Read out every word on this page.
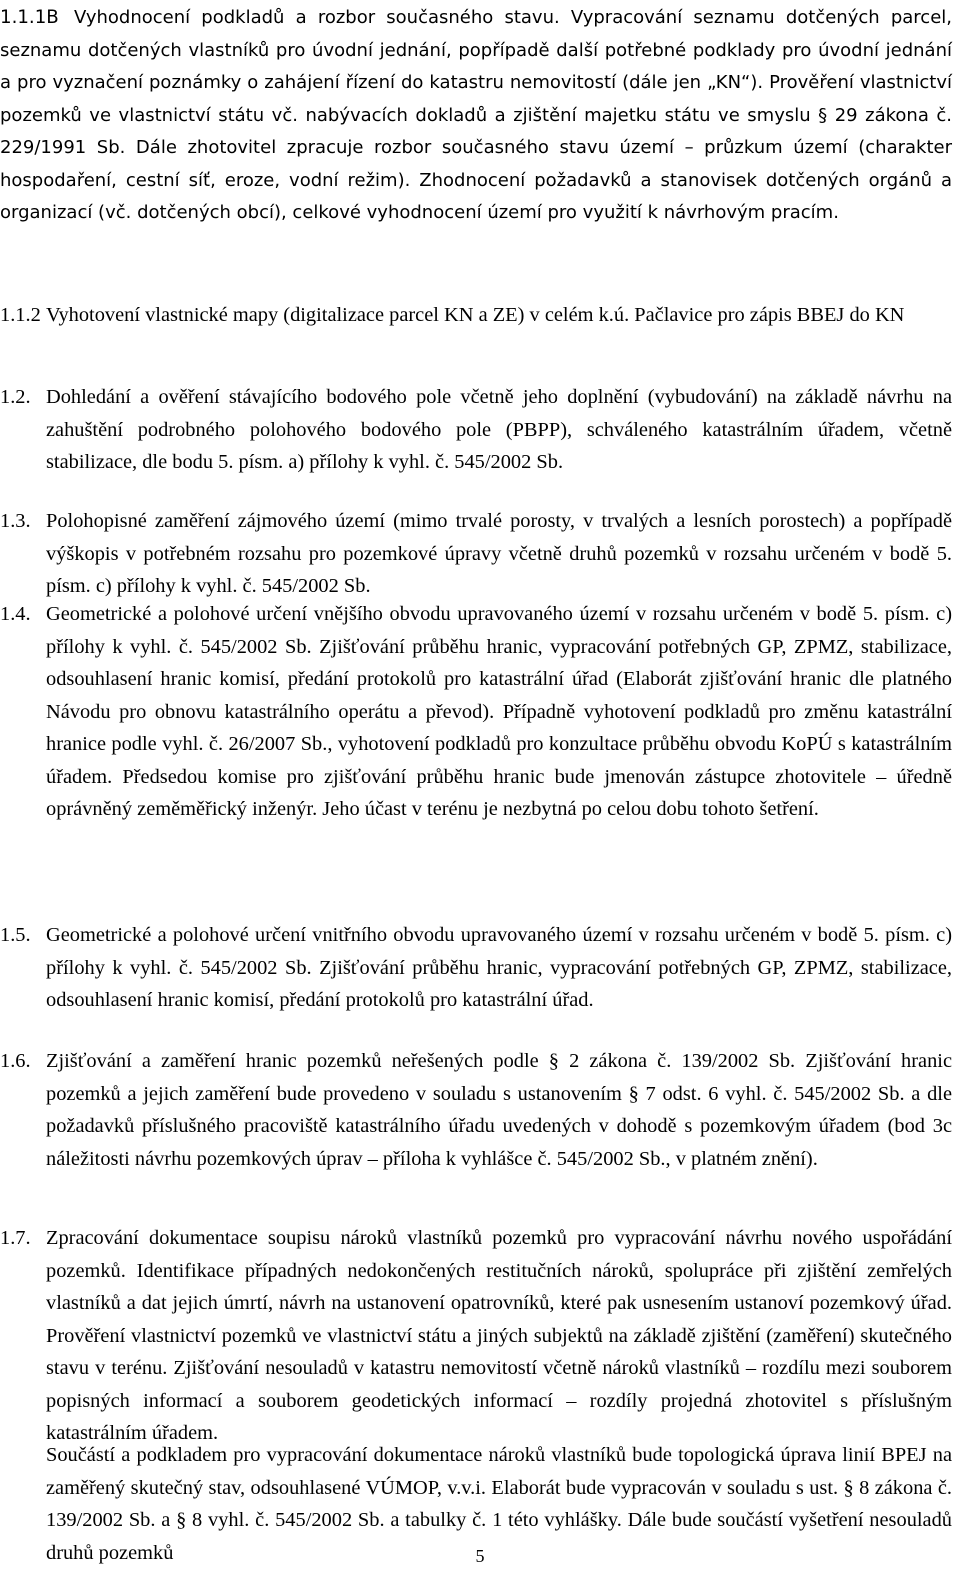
1.1.1B Vyhodnocení podkladů a rozbor současného stavu. Vypracování seznamu dotčených parcel, seznamu dotčených vlastníků pro úvodní jednání, popřípadě další potřebné podklady pro úvodní jednání a pro vyznačení poznámky o zahájení řízení do katastru nemovitostí (dále jen „KN“). Prověření vlastnictví pozemků ve vlastnictví státu vč. nabývacích dokladů a zjištění majetku státu ve smyslu § 29 zákona č. 229/1991 Sb. Dále zhotovitel zpracuje rozbor současného stavu území – průzkum území (charakter hospodaření, cestní síť, eroze, vodní režim). Zhodnocení požadavků a stanovisek dotčených orgánů a organizací (vč. dotčených obcí), celkové vyhodnocení území pro využití k návrhovým pracím.
1.1.2 Vyhotovení vlastnické mapy (digitalizace parcel KN a ZE) v celém k.ú. Pačlavice pro zápis BBEJ do KN
1.2. Dohledání a ověření stávajícího bodového pole včetně jeho doplnění (vybudování) na základě návrhu na zahuštění podrobného polohového bodového pole (PBPP), schváleného katastrálním úřadem, včetně stabilizace, dle bodu 5. písm. a) přílohy k vyhl. č. 545/2002 Sb.
1.3. Polohopisné zaměření zájmového území (mimo trvalé porosty, v trvalých a lesních porostech) a popřípadě výškopis v potřebném rozsahu pro pozemkové úpravy včetně druhů pozemků v rozsahu určeném v bodě 5. písm. c) přílohy k vyhl. č. 545/2002 Sb.
1.4. Geometrické a polohové určení vnějšího obvodu upravovaného území v rozsahu určeném v bodě 5. písm. c) přílohy k vyhl. č. 545/2002 Sb. Zjišťování průběhu hranic, vypracování potřebných GP, ZPMZ, stabilizace, odsouhlasení hranic komisí, předání protokolů pro katastrální úřad (Elaborát zjišťování hranic dle platného Návodu pro obnovu katastrálního operátu a převod). Případně vyhotovení podkladů pro změnu katastrální hranice podle vyhl. č. 26/2007 Sb., vyhotovení podkladů pro konzultace průběhu obvodu KoPÚ s katastrálním úřadem. Předsedou komise pro zjišťování průběhu hranic bude jmenován zástupce zhotovitele – úředně oprávněný zeměměřický inženýr. Jeho účast v terénu je nezbytná po celou dobu tohoto šetření.
1.5. Geometrické a polohové určení vnitřního obvodu upravovaného území v rozsahu určeném v bodě 5. písm. c) přílohy k vyhl. č. 545/2002 Sb. Zjišťování průběhu hranic, vypracování potřebných GP, ZPMZ, stabilizace, odsouhlasení hranic komisí, předání protokolů pro katastrální úřad.
1.6. Zjišťování a zaměření hranic pozemků neřešených podle § 2 zákona č. 139/2002 Sb. Zjišťování hranic pozemků a jejich zaměření bude provedeno v souladu s ustanovením § 7 odst. 6 vyhl. č. 545/2002 Sb. a dle požadavků příslušného pracoviště katastrálního úřadu uvedených v dohodě s pozemkovým úřadem (bod 3c náležitosti návrhu pozemkových úprav – příloha k vyhlášce č. 545/2002 Sb., v platném znění).
1.7. Zpracování dokumentace soupisu nároků vlastníků pozemků pro vypracování návrhu nového uspořádání pozemků. Identifikace případných nedokončených restitučních nároků, spolupráce při zjištění zemřelých vlastníků a dat jejich úmrtí, návrh na ustanovení opatrovníků, které pak usnesením ustanoví pozemkový úřad. Prověření vlastnictví pozemků ve vlastnictví státu a jiných subjektů na základě zjištění (zaměření) skutečného stavu v terénu. Zjišťování nesouladů v katastru nemovitostí včetně nároků vlastníků – rozdílu mezi souborem popisných informací a souborem geodetických informací – rozdíly projedná zhotovitel s příslušným katastrálním úřadem.
Součástí a podkladem pro vypracování dokumentace nároků vlastníků bude topologická úprava linií BPEJ na zaměřený skutečný stav, odsouhlasené VÚMOP, v.v.i. Elaborát bude vypracován v souladu s ust. § 8 zákona č. 139/2002 Sb. a § 8 vyhl. č. 545/2002 Sb. a tabulky č. 1 této vyhlášky. Dále bude součástí vyšetření nesouladů druhů pozemků	5
